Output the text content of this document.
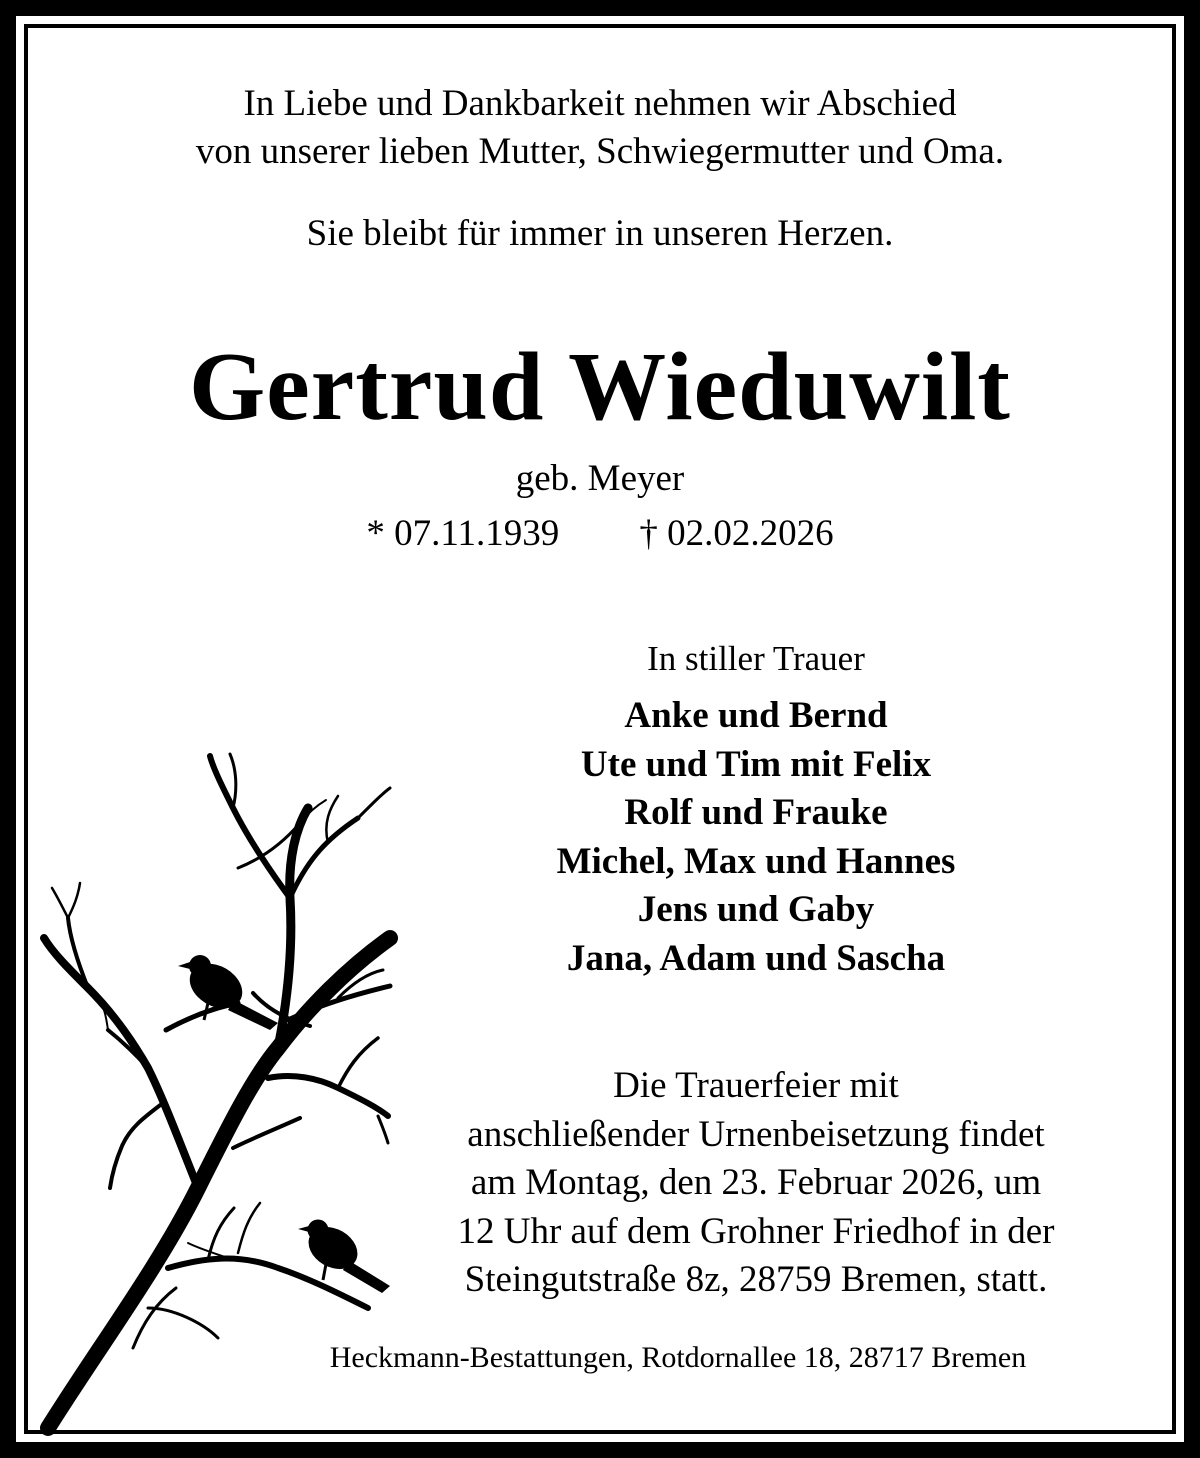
In Liebe und Dankbarkeit nehmen wir Abschied
von unserer lieben Mutter, Schwiegermutter und Oma.
Sie bleibt für immer in unseren Herzen.
Gertrud Wieduwilt
geb. Meyer
* 07.11.1939 † 02.02.2026
In stiller Trauer
Anke und Bernd
Ute und Tim mit Felix
Rolf und Frauke
Michel, Max und Hannes
Jens und Gaby
Jana, Adam und Sascha
Die Trauerfeier mit
anschließender Urnenbeisetzung findet
am Montag, den 23. Februar 2026, um
12 Uhr auf dem Grohner Friedhof in der
Steingutstraße 8z, 28759 Bremen, statt.
Heckmann-Bestattungen, Rotdornallee 18, 28717 Bremen
